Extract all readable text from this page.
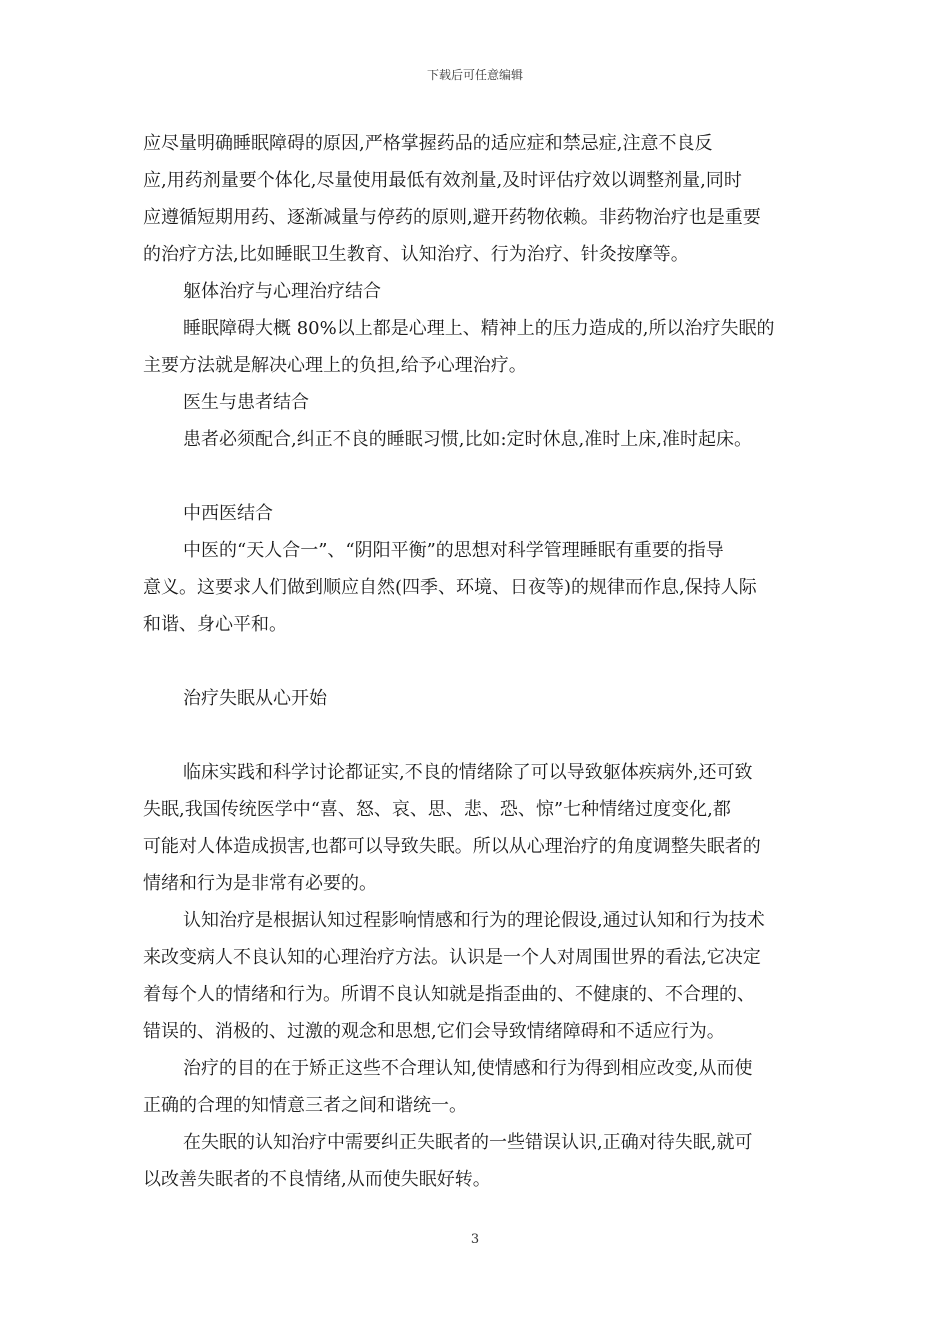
下载后可任意编辑
应尽量明确睡眠障碍的原因,严格掌握药品的适应症和禁忌症,注意不良反
应,用药剂量要个体化,尽量使用最低有效剂量,及时评估疗效以调整剂量,同时
应遵循短期用药、逐渐减量与停药的原则,避开药物依赖。非药物治疗也是重要
的治疗方法,比如睡眠卫生教育、认知治疗、行为治疗、针灸按摩等。
躯体治疗与心理治疗结合
睡眠障碍大概 80%以上都是心理上、精神上的压力造成的,所以治疗失眠的
主要方法就是解决心理上的负担,给予心理治疗。
医生与患者结合
患者必须配合,纠正不良的睡眠习惯,比如:定时休息,准时上床,准时起床。
中西医结合
中医的“天人合一”、“阴阳平衡”的思想对科学管理睡眠有重要的指导
意义。这要求人们做到顺应自然(四季、环境、日夜等)的规律而作息,保持人际
和谐、身心平和。
治疗失眠从心开始
临床实践和科学讨论都证实,不良的情绪除了可以导致躯体疾病外,还可致
失眠,我国传统医学中“喜、怒、哀、思、悲、恐、惊”七种情绪过度变化,都
可能对人体造成损害,也都可以导致失眠。所以从心理治疗的角度调整失眠者的
情绪和行为是非常有必要的。
认知治疗是根据认知过程影响情感和行为的理论假设,通过认知和行为技术
来改变病人不良认知的心理治疗方法。认识是一个人对周围世界的看法,它决定
着每个人的情绪和行为。所谓不良认知就是指歪曲的、不健康的、不合理的、
错误的、消极的、过激的观念和思想,它们会导致情绪障碍和不适应行为。
治疗的目的在于矫正这些不合理认知,使情感和行为得到相应改变,从而使
正确的合理的知情意三者之间和谐统一。
在失眠的认知治疗中需要纠正失眠者的一些错误认识,正确对待失眠,就可
以改善失眠者的不良情绪,从而使失眠好转。
3
